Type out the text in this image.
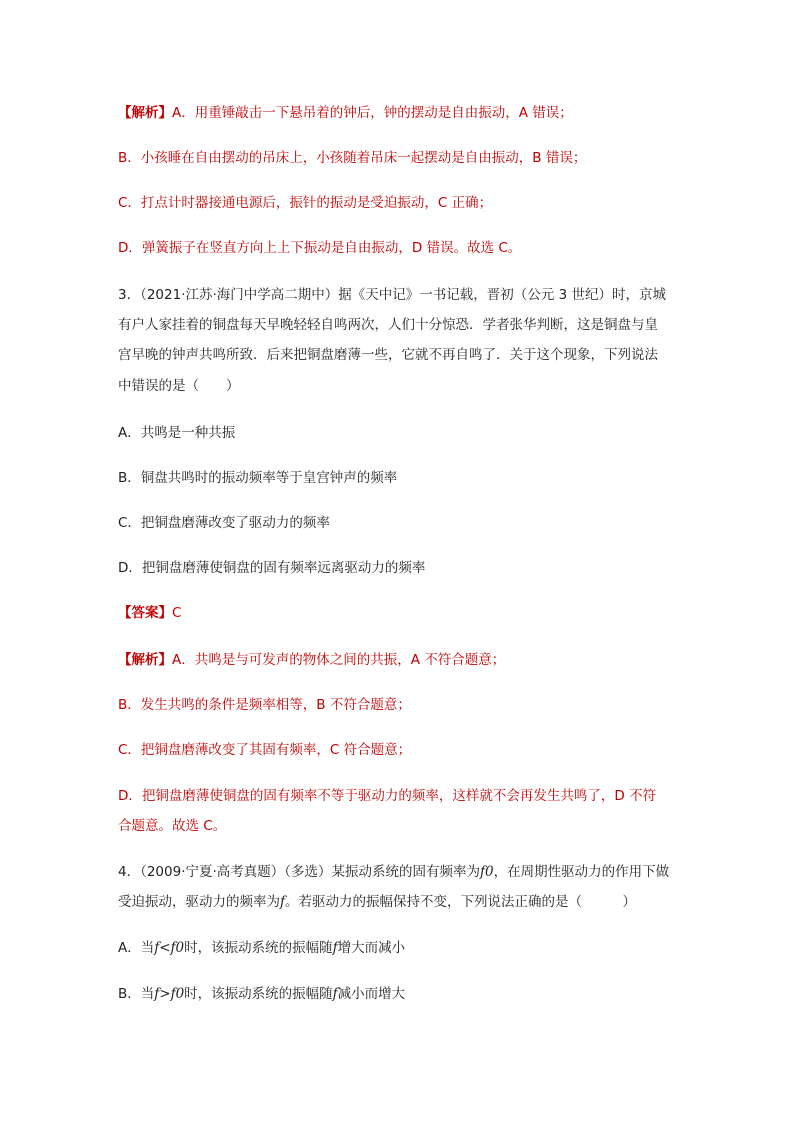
【解析】A．用重锤敲击一下悬吊着的钟后，钟的摆动是自由振动，A 错误；
B．小孩睡在自由摆动的吊床上，小孩随着吊床一起摆动是自由振动，B 错误；
C．打点计时器接通电源后，振针的振动是受迫振动，C 正确；
D．弹簧振子在竖直方向上上下振动是自由振动，D 错误。故选 C。
3．（2021·江苏·海门中学高二期中）据《天中记》一书记载，晋初（公元 3 世纪）时，京城
有户人家挂着的铜盘每天早晚轻轻自鸣两次，人们十分惊恐．学者张华判断，这是铜盘与皇
宫早晚的钟声共鸣所致．后来把铜盘磨薄一些，它就不再自鸣了．关于这个现象，下列说法
中错误的是（　　）
A．共鸣是一种共振
B．铜盘共鸣时的振动频率等于皇宫钟声的频率
C．把铜盘磨薄改变了驱动力的频率
D．把铜盘磨薄使铜盘的固有频率远离驱动力的频率
【答案】C
【解析】A．共鸣是与可发声的物体之间的共振，A 不符合题意；
B．发生共鸣的条件是频率相等，B 不符合题意；
C．把铜盘磨薄改变了其固有频率，C 符合题意；
D．把铜盘磨薄使铜盘的固有频率不等于驱动力的频率，这样就不会再发生共鸣了，D 不符
合题意。故选 C。
4．（2009·宁夏·高考真题）（多选）某振动系统的固有频率为f0，在周期性驱动力的作用下做
受迫振动，驱动力的频率为f。若驱动力的振幅保持不变，下列说法正确的是（　　　）
A．当f<f0时，该振动系统的振幅随f增大而减小
B．当f>f0时，该振动系统的振幅随f减小而增大
